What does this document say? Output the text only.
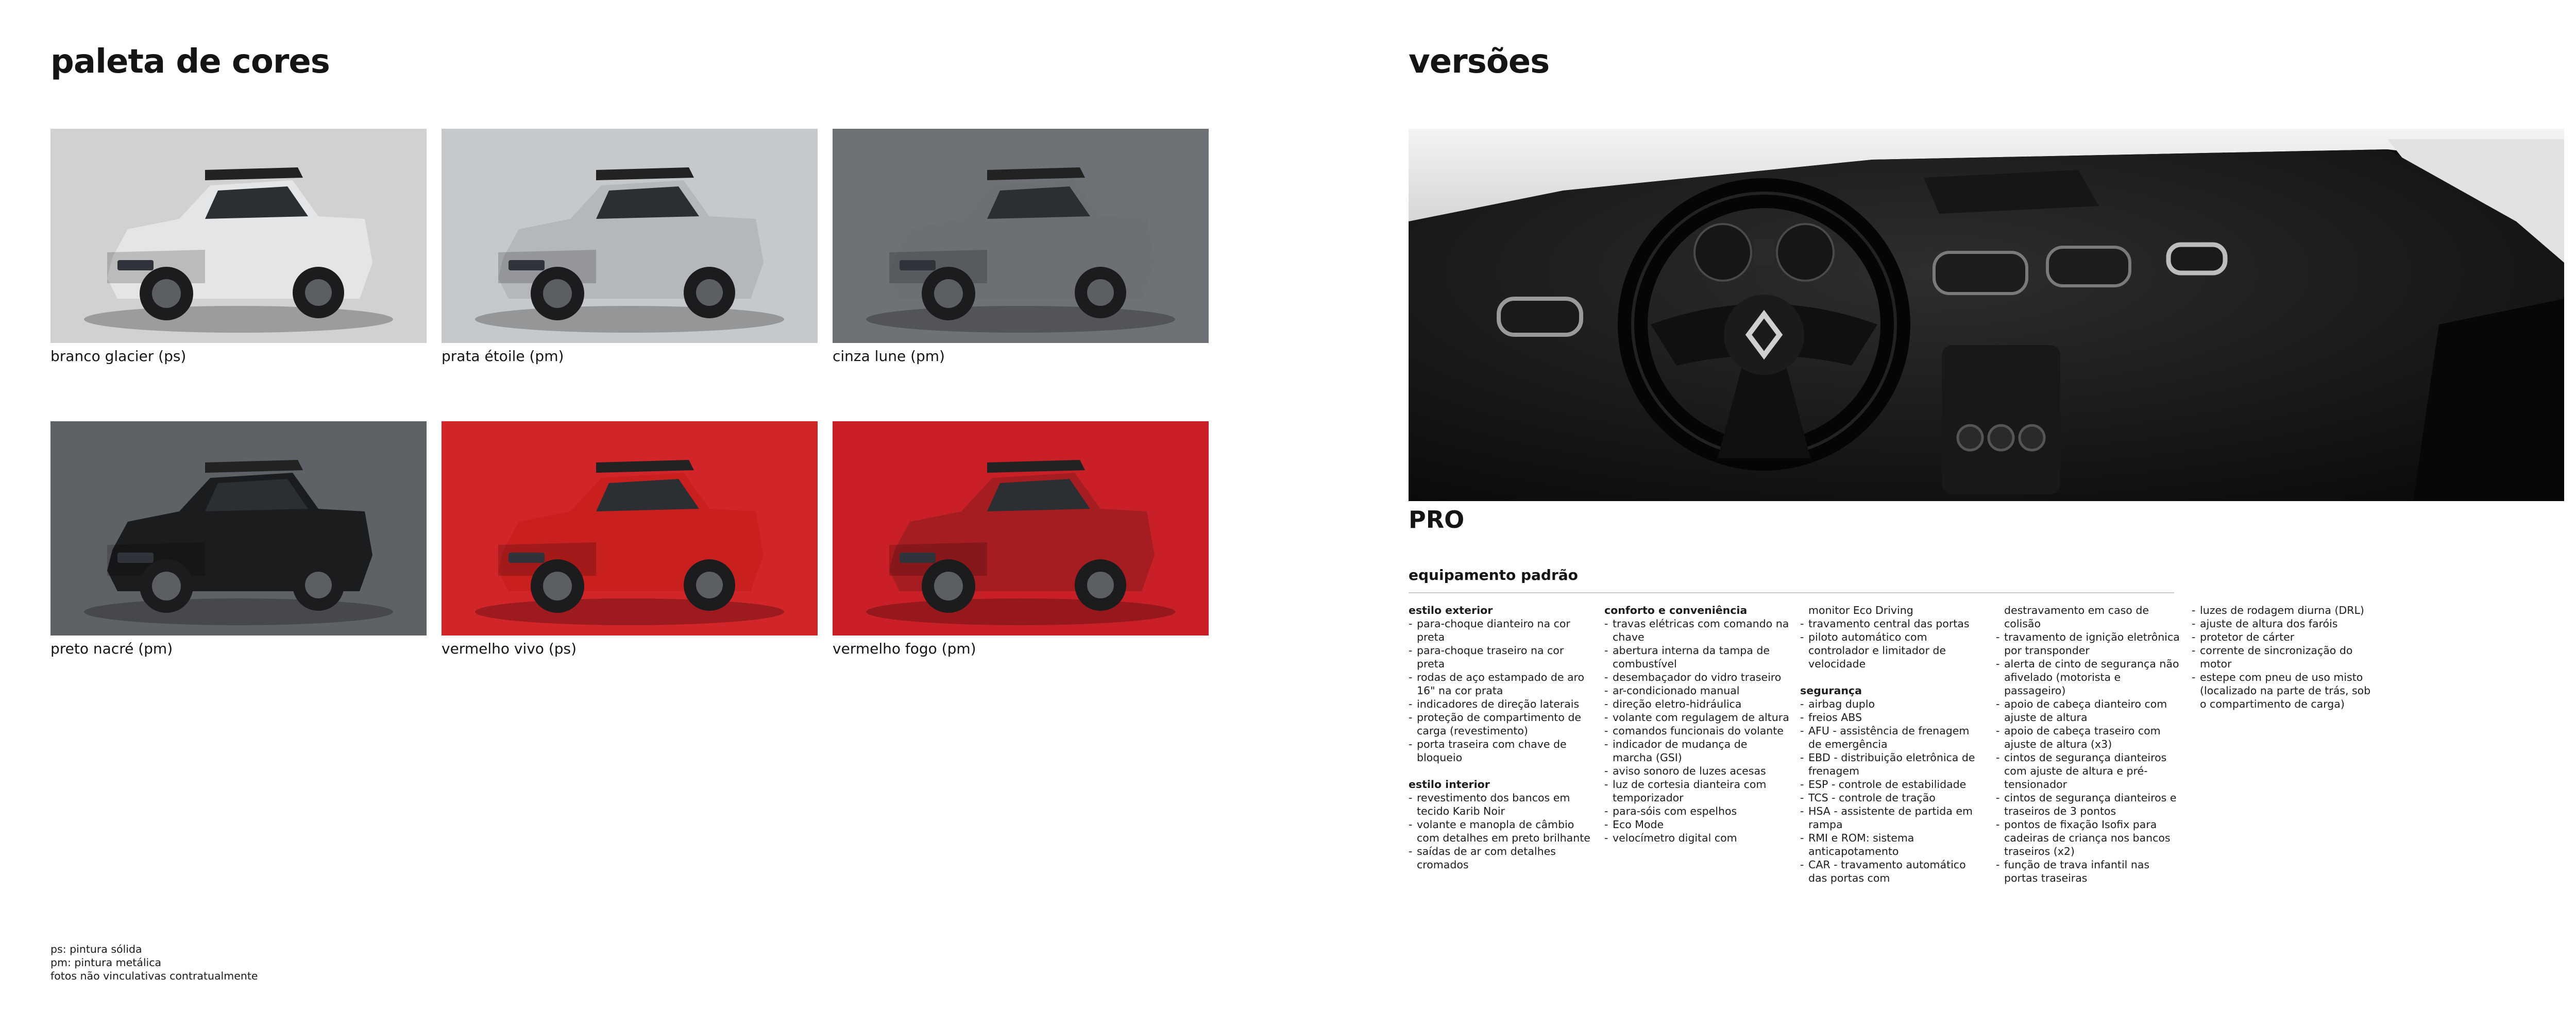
paleta de cores
branco glacier (ps)	prata étoile (pm)	cinza lune (pm)
preto nacré (pm)	vermelho vivo (ps)	vermelho fogo (pm)
versões
PRO
equipamento padrão

estilo exterior

- para-choque dianteiro na cor preta
- para-choque traseiro na cor preta
- rodas de aço estampado de aro 16" na cor prata
- indicadores de direção laterais
- proteção de compartimento de carga (revestimento)
- porta traseira com chave de bloqueio

estilo interior

- revestimento dos bancos em tecido Karib Noir
- volante e manopla de câmbio com detalhes em preto brilhante
- saídas de ar com detalhes cromados

conforto e conveniência

- travas elétricas com comando na chave
- abertura interna da tampa de combustível
- desembaçador do vidro traseiro
- ar-condicionado manual
- direção eletro-hidráulica
- volante com regulagem de altura
- comandos funcionais do volante
- indicador de mudança de marcha (GSI)
- aviso sonoro de luzes acesas
- luz de cortesia dianteira com temporizador
- para-sóis com espelhos
- Eco Mode
- velocímetro digital com
monitor Eco Driving
- travamento central das portas
- piloto automático com controlador e limitador de velocidade

segurança

- airbag duplo
- freios ABS
- AFU - assistência de frenagem de emergência
- EBD - distribuição eletrônica de frenagem
- ESP - controle de estabilidade
- TCS - controle de tração
- HSA - assistente de partida em rampa
- RMI e ROM: sistema anticapotamento
- CAR - travamento automático das portas com
destravamento em caso de colisão
- travamento de ignição eletrônica por transponder
- alerta de cinto de segurança não afivelado (motorista e passageiro)
- apoio de cabeça dianteiro com ajuste de altura
- apoio de cabeça traseiro com ajuste de altura (x3)
- cintos de segurança dianteiros com ajuste de altura e pré-tensionador
- cintos de segurança dianteiros e traseiros de 3 pontos
- pontos de fixação Isofix para cadeiras de criança nos bancos traseiros (x2)
- função de trava infantil nas portas traseiras
- luzes de rodagem diurna (DRL)
- ajuste de altura dos faróis
- protetor de cárter
- corrente de sincronização do motor
- estepe com pneu de uso misto (localizado na parte de trás, sob o compartimento de carga)
ps: pintura sólida
pm: pintura metálica
fotos não vinculativas contratualmente
